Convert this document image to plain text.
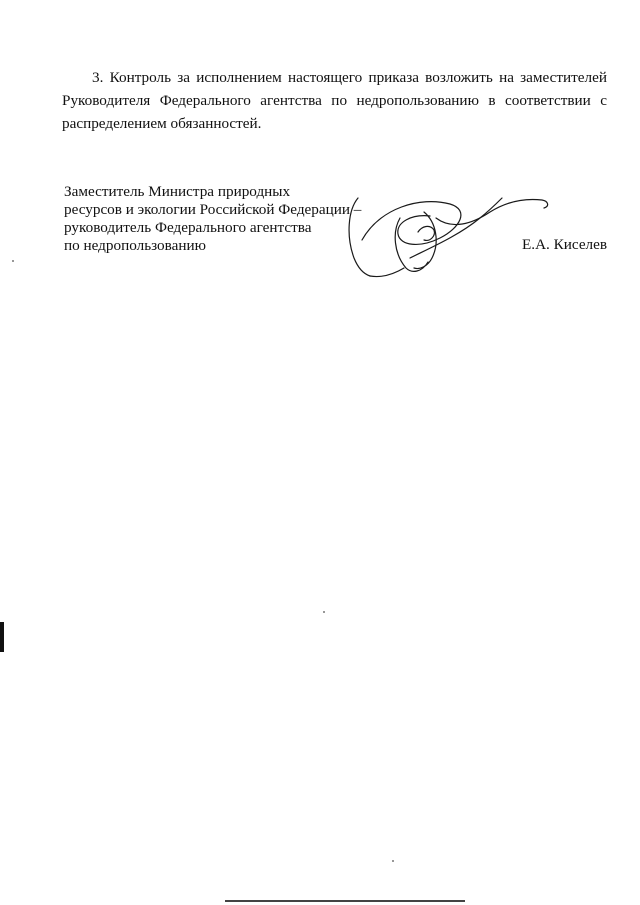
3. Контроль за исполнением настоящего приказа возложить на заместителей Руководителя Федерального агентства по недропользованию в соответствии с распределением обязанностей.

Заместитель Министра природных
ресурсов и экологии Российской Федерации –
руководитель Федерального агентства
по недропользованию	Е.А. Киселев
